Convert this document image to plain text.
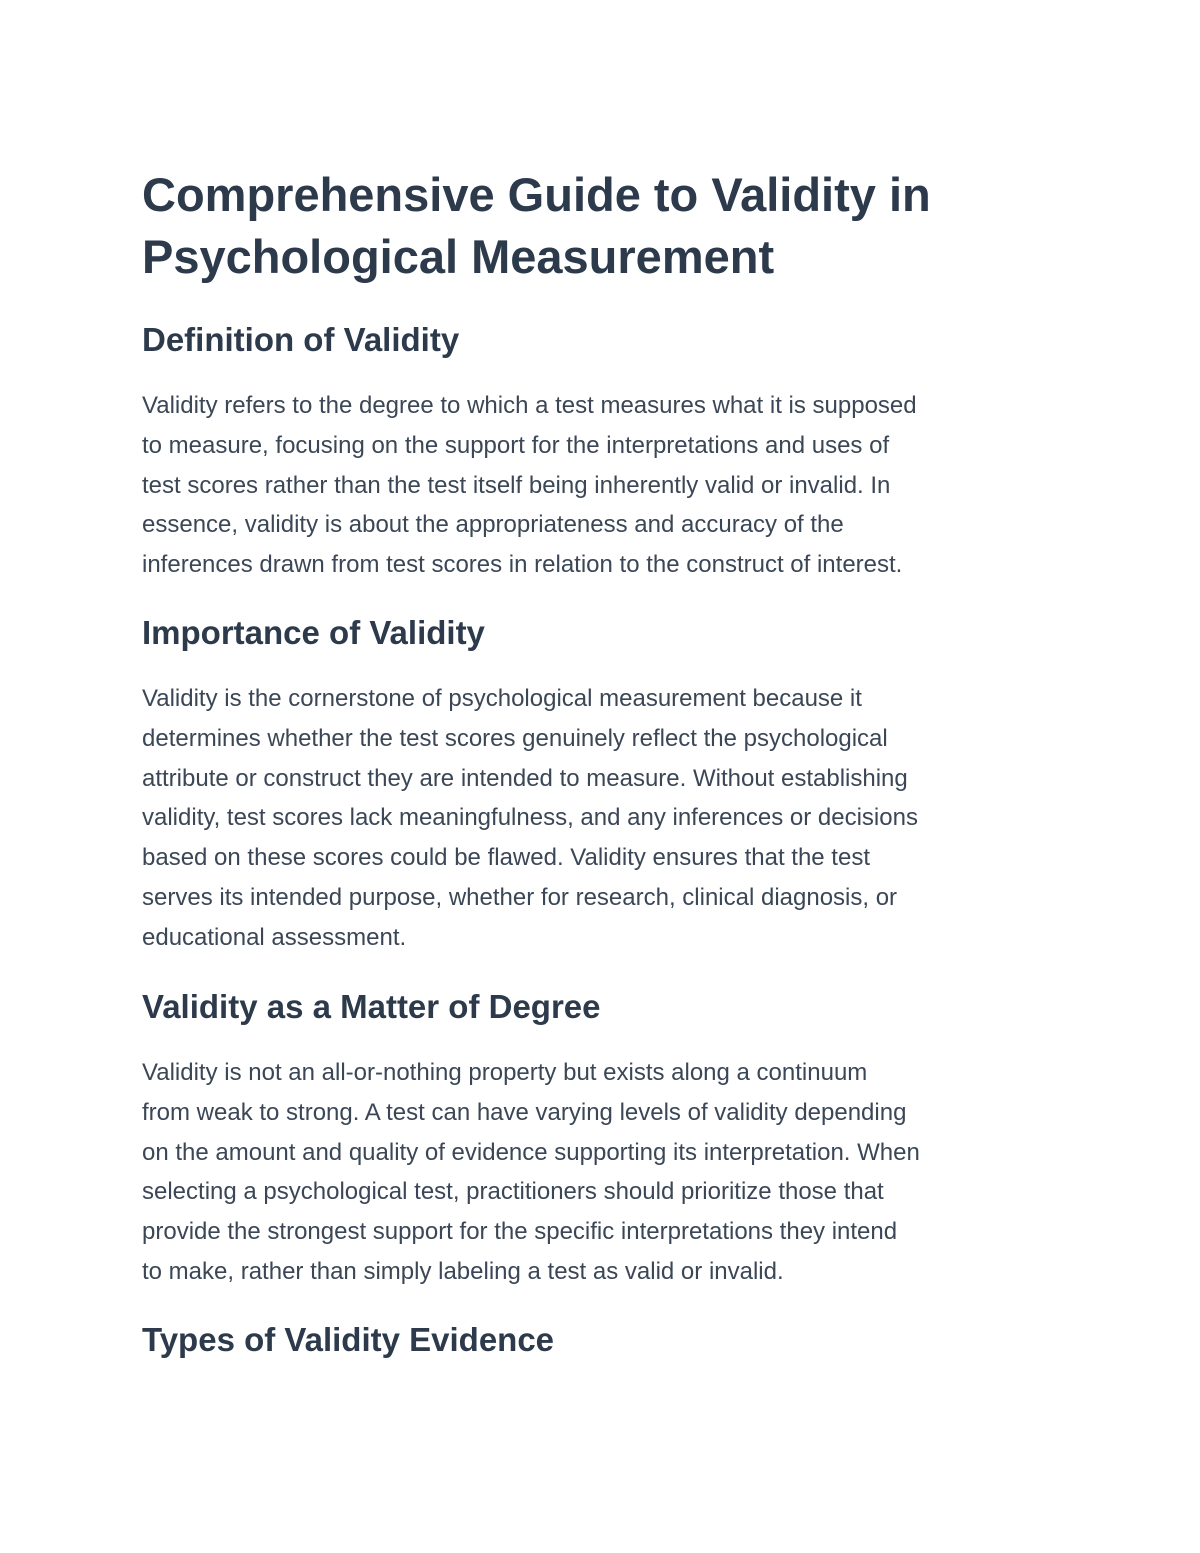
Comprehensive Guide to Validity in
Psychological Measurement
Definition of Validity
Validity refers to the degree to which a test measures what it is supposed
to measure, focusing on the support for the interpretations and uses of
test scores rather than the test itself being inherently valid or invalid. In
essence, validity is about the appropriateness and accuracy of the
inferences drawn from test scores in relation to the construct of interest.
Importance of Validity
Validity is the cornerstone of psychological measurement because it
determines whether the test scores genuinely reflect the psychological
attribute or construct they are intended to measure. Without establishing
validity, test scores lack meaningfulness, and any inferences or decisions
based on these scores could be flawed. Validity ensures that the test
serves its intended purpose, whether for research, clinical diagnosis, or
educational assessment.
Validity as a Matter of Degree
Validity is not an all-or-nothing property but exists along a continuum
from weak to strong. A test can have varying levels of validity depending
on the amount and quality of evidence supporting its interpretation. When
selecting a psychological test, practitioners should prioritize those that
provide the strongest support for the specific interpretations they intend
to make, rather than simply labeling a test as valid or invalid.
Types of Validity Evidence
